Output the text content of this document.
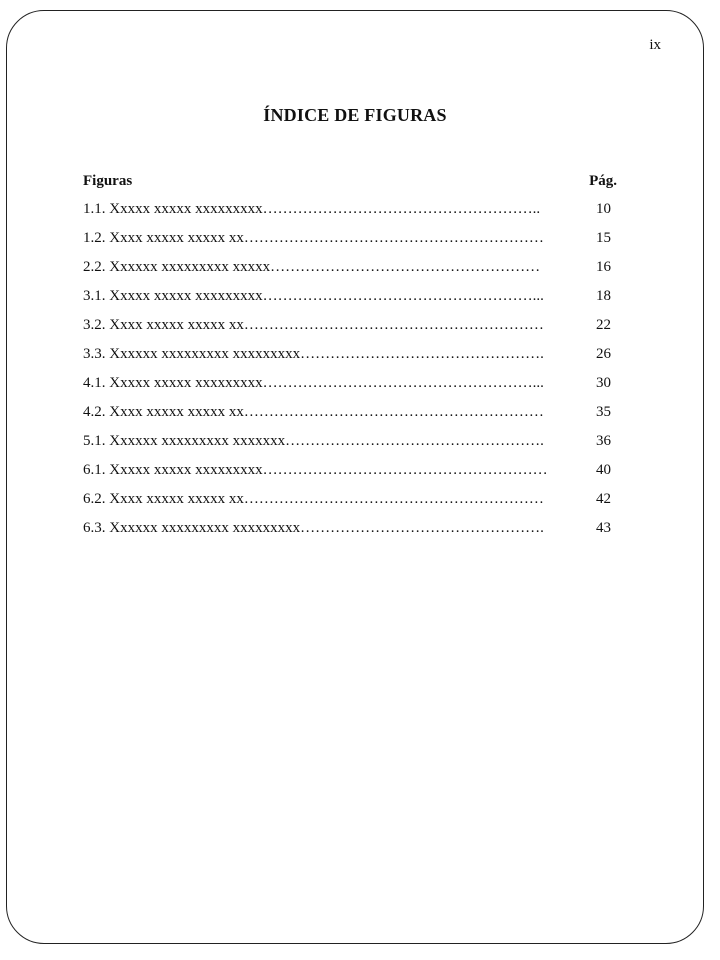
ix
ÍNDICE DE FIGURAS
Figuras	Pág.
1.1. Xxxxx xxxxx xxxxxxxxx………………………………………………..	10
1.2. Xxxx xxxxx xxxxx xx……………………………………………………	15
2.2. Xxxxxx xxxxxxxxx xxxxx………………………………………………	16
3.1. Xxxxx xxxxx xxxxxxxxx………………………………………………...	18
3.2. Xxxx xxxxx xxxxx xx……………………………………………………	22
3.3. Xxxxxx xxxxxxxxx xxxxxxxxx………………………………………….	26
4.1. Xxxxx xxxxx xxxxxxxxx………………………………………………...	30
4.2. Xxxx xxxxx xxxxx xx……………………………………………………	35
5.1. Xxxxxx xxxxxxxxx xxxxxxx…………………………………………….	36
6.1. Xxxxx xxxxx xxxxxxxxx…………………………………………………	40
6.2. Xxxx xxxxx xxxxx xx……………………………………………………	42
6.3. Xxxxxx xxxxxxxxx xxxxxxxxx………………………………………….	43
